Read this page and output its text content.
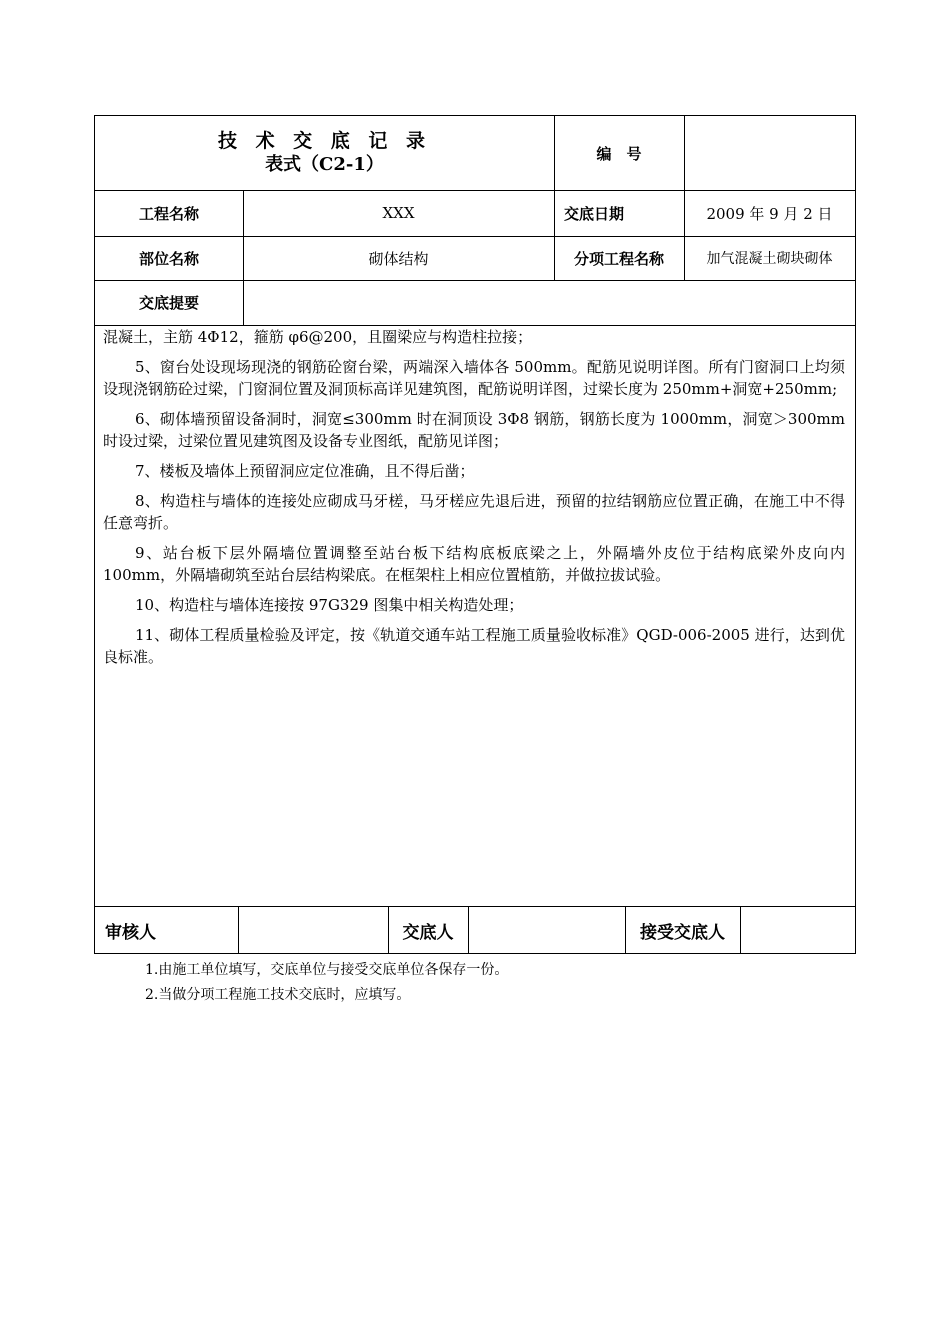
技 术 交 底 记 录
表式（C2-1）
编　号
工程名称	XXX	交底日期	2009 年 9 月 2 日
部位名称	砌体结构	分项工程名称	加气混凝土砌块砌体
交底提要

混凝土，主筋 4Φ12，箍筋 φ6@200，且圈梁应与构造柱拉接；

5、窗台处设现场现浇的钢筋砼窗台梁，两端深入墙体各 500mm。配筋见说明详图。所有门窗洞口上均须设现浇钢筋砼过梁，门窗洞位置及洞顶标高详见建筑图，配筋说明详图，过梁长度为 250mm+洞宽+250mm;

6、砌体墙预留设备洞时，洞宽≤300mm 时在洞顶设 3Φ8 钢筋，钢筋长度为 1000mm，洞宽＞300mm 时设过梁，过梁位置见建筑图及设备专业图纸，配筋见详图；

7、楼板及墙体上预留洞应定位准确，且不得后凿；

8、构造柱与墙体的连接处应砌成马牙槎，马牙槎应先退后进，预留的拉结钢筋应位置正确，在施工中不得任意弯折。

9、站台板下层外隔墙位置调整至站台板下结构底板底梁之上，外隔墙外皮位于结构底梁外皮向内 100mm，外隔墙砌筑至站台层结构梁底。在框架柱上相应位置植筋，并做拉拔试验。

10、构造柱与墙体连接按 97G329 图集中相关构造处理；

11、砌体工程质量检验及评定，按《轨道交通车站工程施工质量验收标准》QGD-006-2005 进行，达到优良标准。

审核人	交底人	接受交底人
1.由施工单位填写，交底单位与接受交底单位各保存一份。
2.当做分项工程施工技术交底时，应填写。
